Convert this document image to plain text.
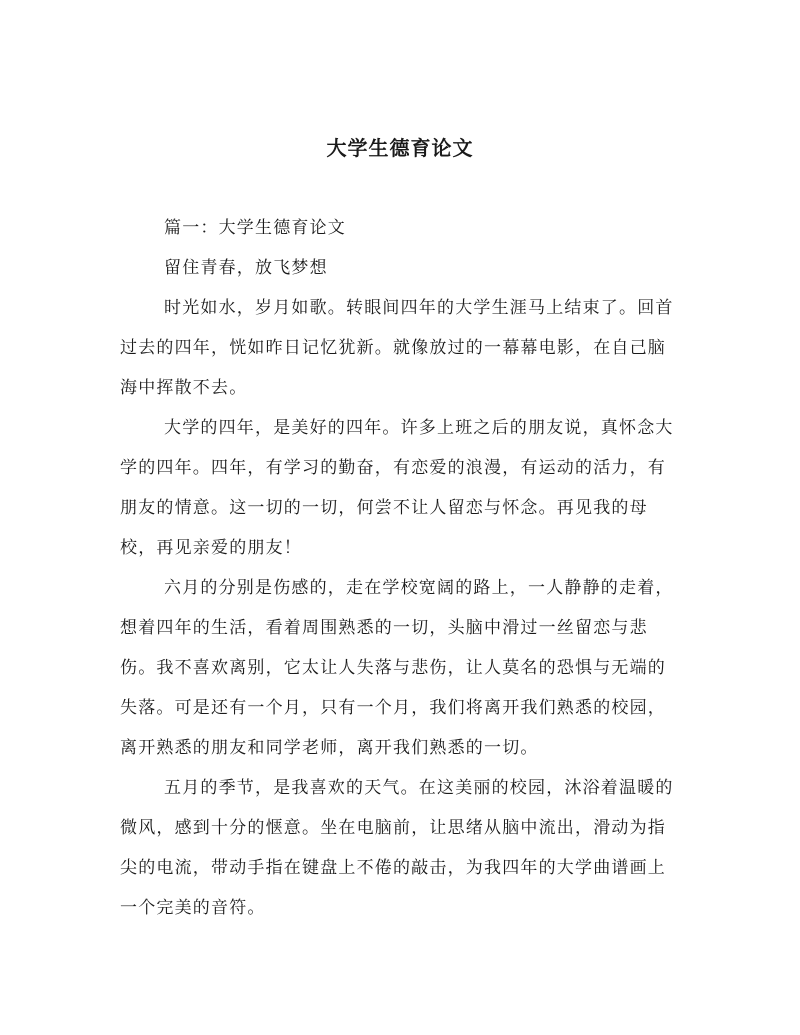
大学生德育论文

篇一：大学生德育论文

留住青春，放飞梦想

时光如水，岁月如歌。转眼间四年的大学生涯马上结束了。回首过去的四年，恍如昨日记忆犹新。就像放过的一幕幕电影，在自己脑海中挥散不去。

大学的四年，是美好的四年。许多上班之后的朋友说，真怀念大学的四年。四年，有学习的勤奋，有恋爱的浪漫，有运动的活力，有朋友的情意。这一切的一切，何尝不让人留恋与怀念。再见我的母校，再见亲爱的朋友！

六月的分别是伤感的，走在学校宽阔的路上，一人静静的走着，想着四年的生活，看着周围熟悉的一切，头脑中滑过一丝留恋与悲伤。我不喜欢离别，它太让人失落与悲伤，让人莫名的恐惧与无端的失落。可是还有一个月，只有一个月，我们将离开我们熟悉的校园，离开熟悉的朋友和同学老师，离开我们熟悉的一切。

五月的季节，是我喜欢的天气。在这美丽的校园，沐浴着温暖的微风，感到十分的惬意。坐在电脑前，让思绪从脑中流出，滑动为指尖的电流，带动手指在键盘上不倦的敲击，为我四年的大学曲谱画上一个完美的音符。
